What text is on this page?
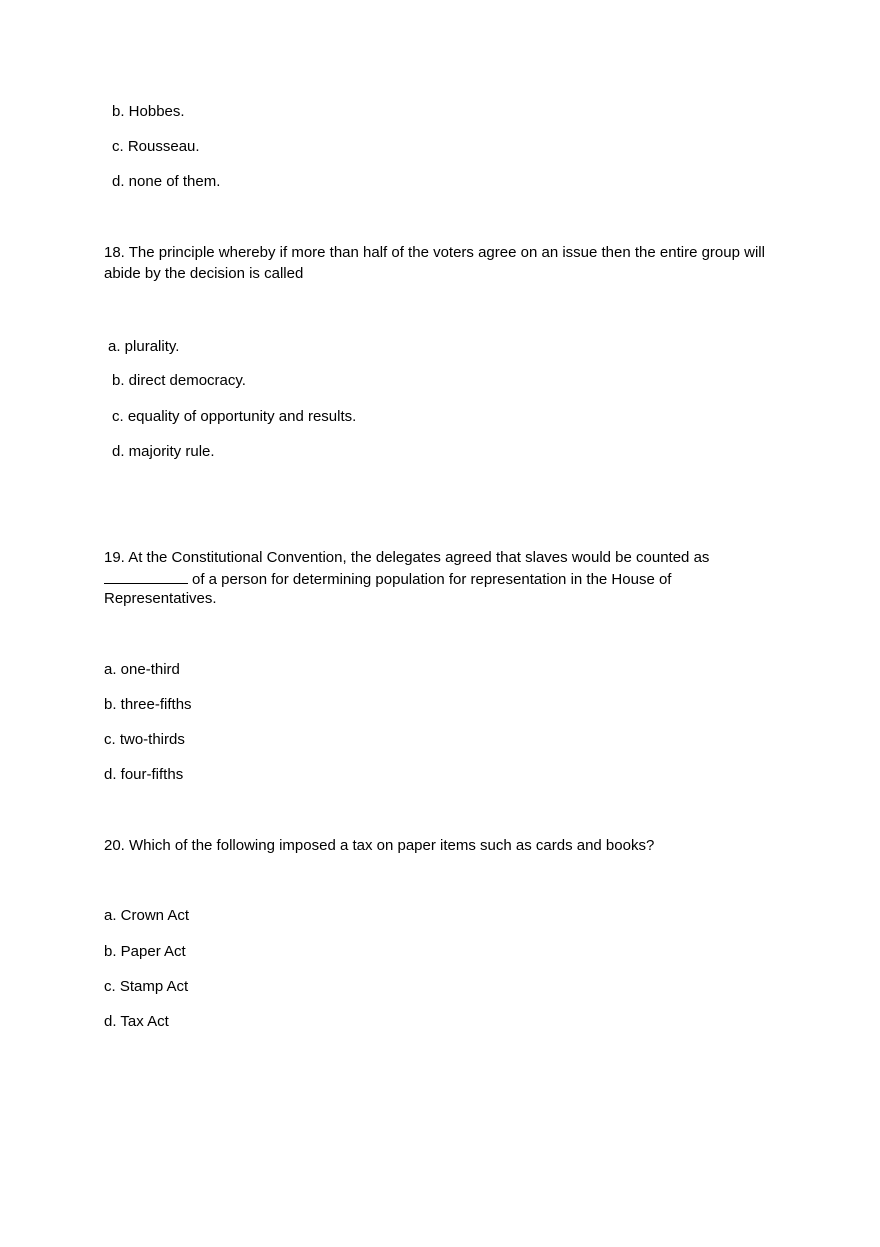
b. Hobbes.
c. Rousseau.
d. none of them.
18. The principle whereby if more than half of the voters agree on an issue then the entire group will
abide by the decision is called
a. plurality.
b. direct democracy.
c. equality of opportunity and results.
d. majority rule.
19. At the Constitutional Convention, the delegates agreed that slaves would be counted as
of a person for determining population for representation in the House of
Representatives.
a. one-third
b. three-fifths
c. two-thirds
d. four-fifths
20. Which of the following imposed a tax on paper items such as cards and books?
a. Crown Act
b. Paper Act
c. Stamp Act
d. Tax Act
